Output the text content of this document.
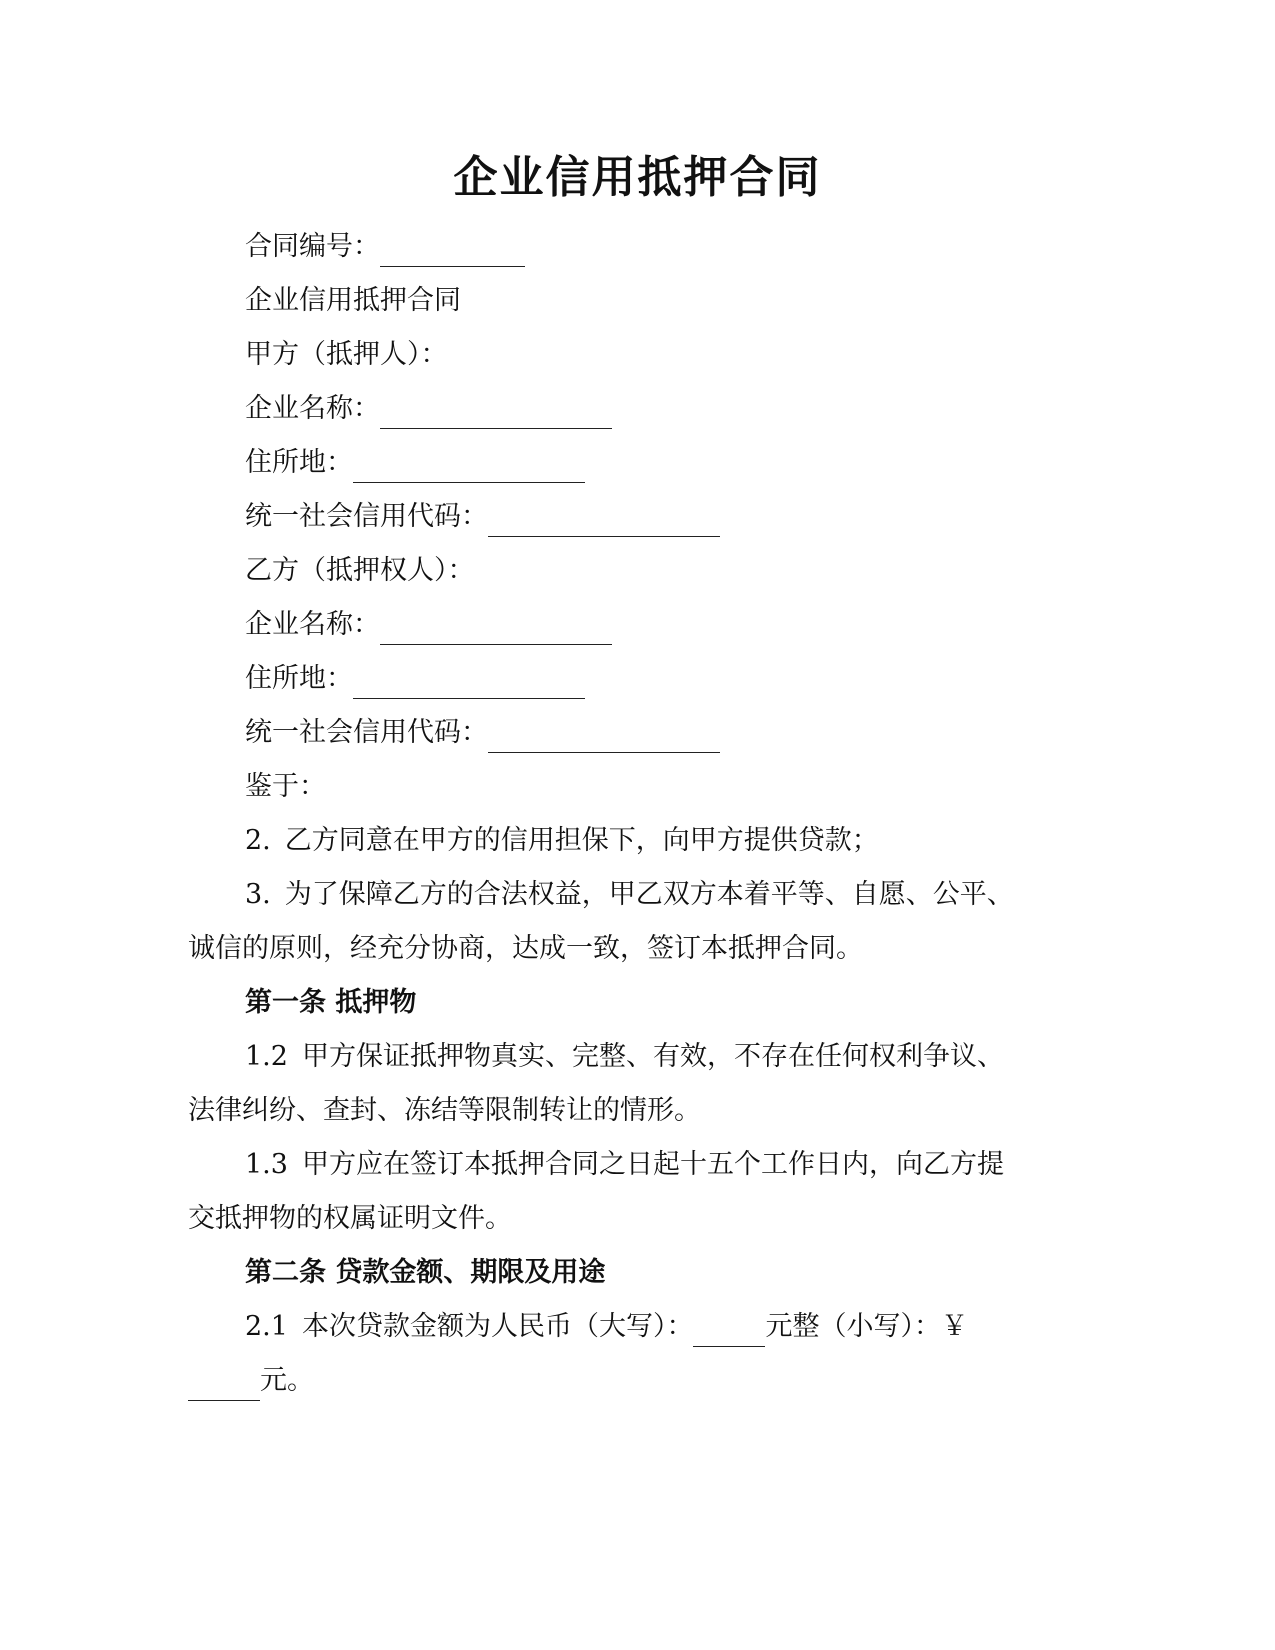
企业信用抵押合同
合同编号：
企业信用抵押合同
甲方（抵押人）：
企业名称：
住所地：
统一社会信用代码：
乙方（抵押权人）：
企业名称：
住所地：
统一社会信用代码：
鉴于：
2. 乙方同意在甲方的信用担保下，向甲方提供贷款；
3. 为了保障乙方的合法权益，甲乙双方本着平等、自愿、公平、
诚信的原则，经充分协商，达成一致，签订本抵押合同。
第一条 抵押物
1.2 甲方保证抵押物真实、完整、有效，不存在任何权利争议、
法律纠纷、查封、冻结等限制转让的情形。
1.3 甲方应在签订本抵押合同之日起十五个工作日内，向乙方提
交抵押物的权属证明文件。
第二条 贷款金额、期限及用途
2.1 本次贷款金额为人民币（大写）：	元整（小写）：￥
元。
